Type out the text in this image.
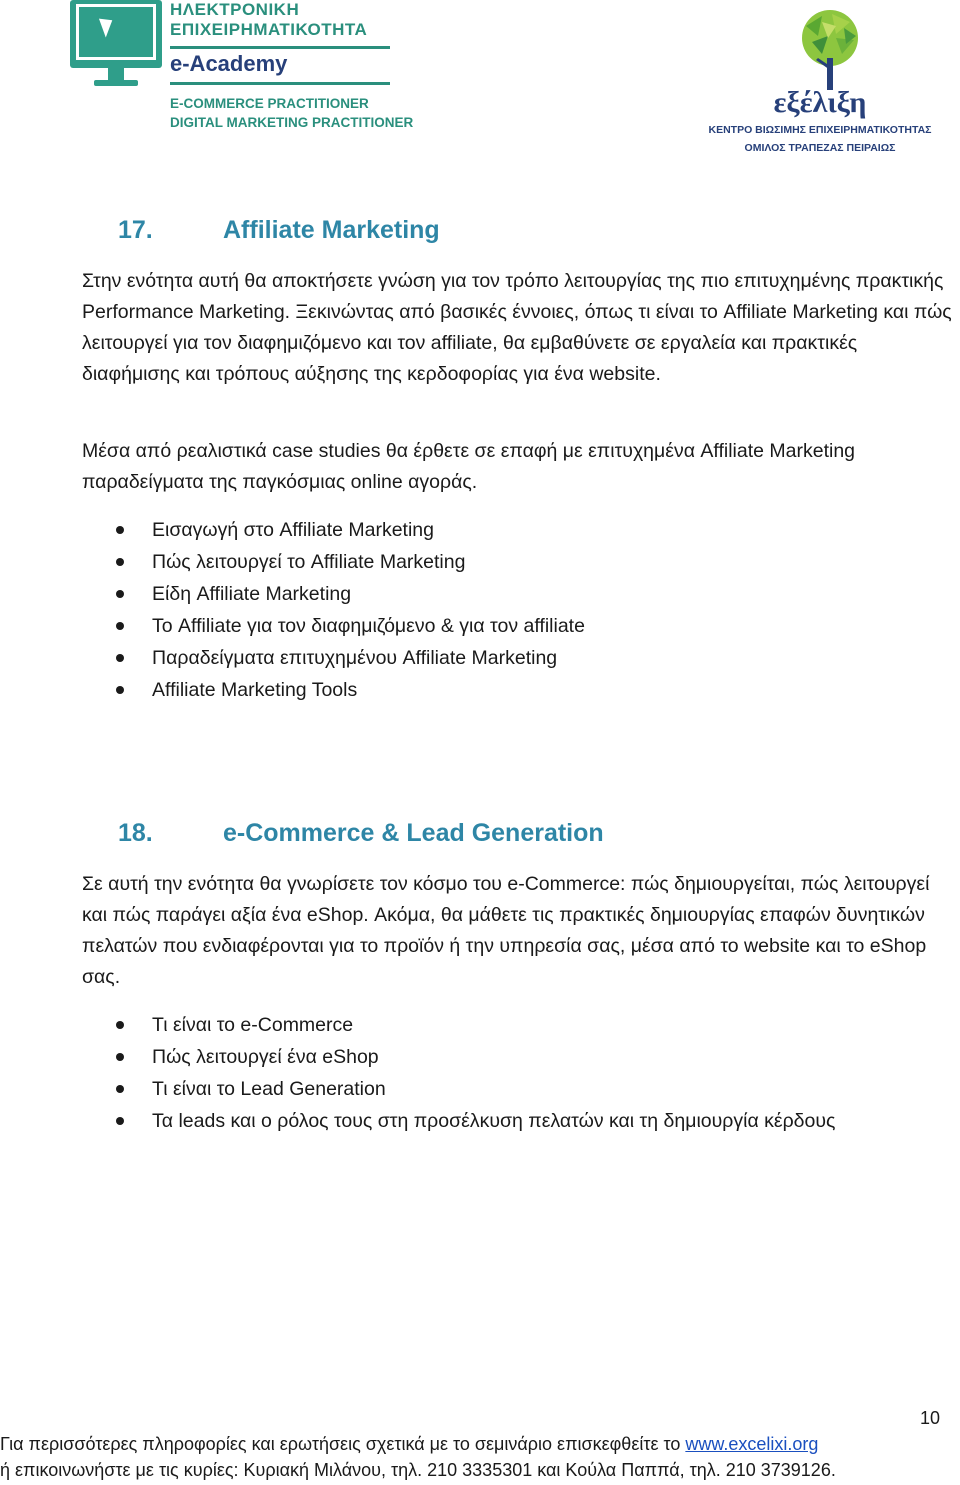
ΗΛΕΚΤΡΟΝΙΚΗ
ΕΠΙΧΕΙΡΗΜΑΤΙΚΟΤΗΤΑ
e-Academy
E-COMMERCE PRACTITIONER
DIGITAL MARKETING PRACTITIONER
εξέλιξη
ΚΕΝΤΡΟ ΒΙΩΣΙΜΗΣ ΕΠΙΧΕΙΡΗΜΑΤΙΚΟΤΗΤΑΣ
ΟΜΙΛΟΣ ΤΡΑΠΕΖΑΣ ΠΕΙΡΑΙΩΣ
17.	Affiliate Marketing
Στην ενότητα αυτή θα αποκτήσετε γνώση για τον τρόπο λειτουργίας της πιο επιτυχημένης πρακτικής Performance Marketing. Ξεκινώντας από βασικές έννοιες, όπως τι είναι το Affiliate Marketing και πώς λειτουργεί για τον διαφημιζόμενο και τον affiliate, θα εμβαθύνετε σε εργαλεία και πρακτικές διαφήμισης και τρόπους αύξησης της κερδοφορίας για ένα website.
Μέσα από ρεαλιστικά case studies θα έρθετε σε επαφή με επιτυχημένα Affiliate Marketing παραδείγματα της παγκόσμιας online αγοράς.
Εισαγωγή στο Affiliate Marketing
Πώς λειτουργεί το Affiliate Marketing
Είδη Affiliate Marketing
Το Affiliate για τον διαφημιζόμενο & για τον affiliate
Παραδείγματα επιτυχημένου Affiliate Marketing
Affiliate Marketing Tools
18.	e-Commerce & Lead Generation
Σε αυτή την ενότητα θα γνωρίσετε τον κόσμο του e-Commerce: πώς δημιουργείται, πώς λειτουργεί και πώς παράγει αξία ένα eShop. Ακόμα, θα μάθετε τις πρακτικές δημιουργίας επαφών δυνητικών πελατών που ενδιαφέρονται για το προϊόν ή την υπηρεσία σας, μέσα από το website και το eShop σας.
Τι είναι το e-Commerce
Πώς λειτουργεί ένα eShop
Τι είναι το Lead Generation
Τα leads και ο ρόλος τους στη προσέλκυση πελατών και τη δημιουργία κέρδους
10
Για περισσότερες πληροφορίες και ερωτήσεις σχετικά με το σεμινάριο επισκεφθείτε το www.excelixi.org
ή επικοινωνήστε με τις κυρίες: Κυριακή Μιλάνου, τηλ. 210 3335301 και Κούλα Παππά, τηλ. 210 3739126.
